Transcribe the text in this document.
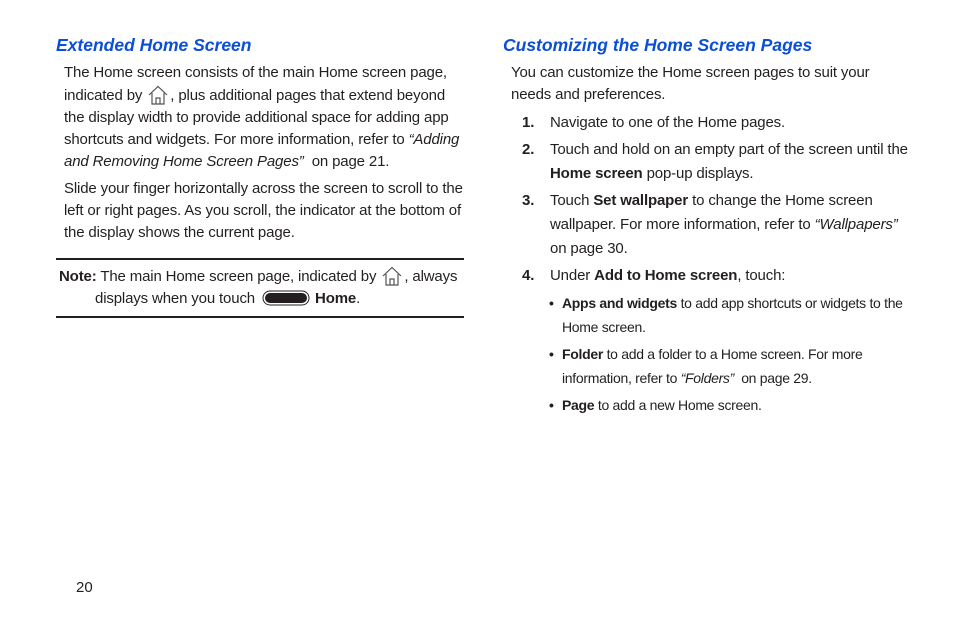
Extended Home Screen

The Home screen consists of the main Home screen page, indicated by , plus additional pages that extend beyond the display width to provide additional space for adding app shortcuts and widgets. For more information, refer to “Adding and Removing Home Screen Pages” on page 21.

Slide your finger horizontally across the screen to scroll to the left or right pages. As you scroll, the indicator at the bottom of the display shows the current page.

Note: The main Home screen page, indicated by , always
displays when you touch	Home.
Customizing the Home Screen Pages

You can customize the Home screen pages to suit your needs and preferences.

1. Navigate to one of the Home pages.
2. Touch and hold on an empty part of the screen until the Home screen pop-up displays.
3. Touch Set wallpaper to change the Home screen wallpaper. For more information, refer to “Wallpapers” on page 30.
4. Under Add to Home screen, touch:
• Apps and widgets to add app shortcuts or widgets to the Home screen.
• Folder to add a folder to a Home screen. For more information, refer to “Folders” on page 29.
• Page to add a new Home screen.
20
